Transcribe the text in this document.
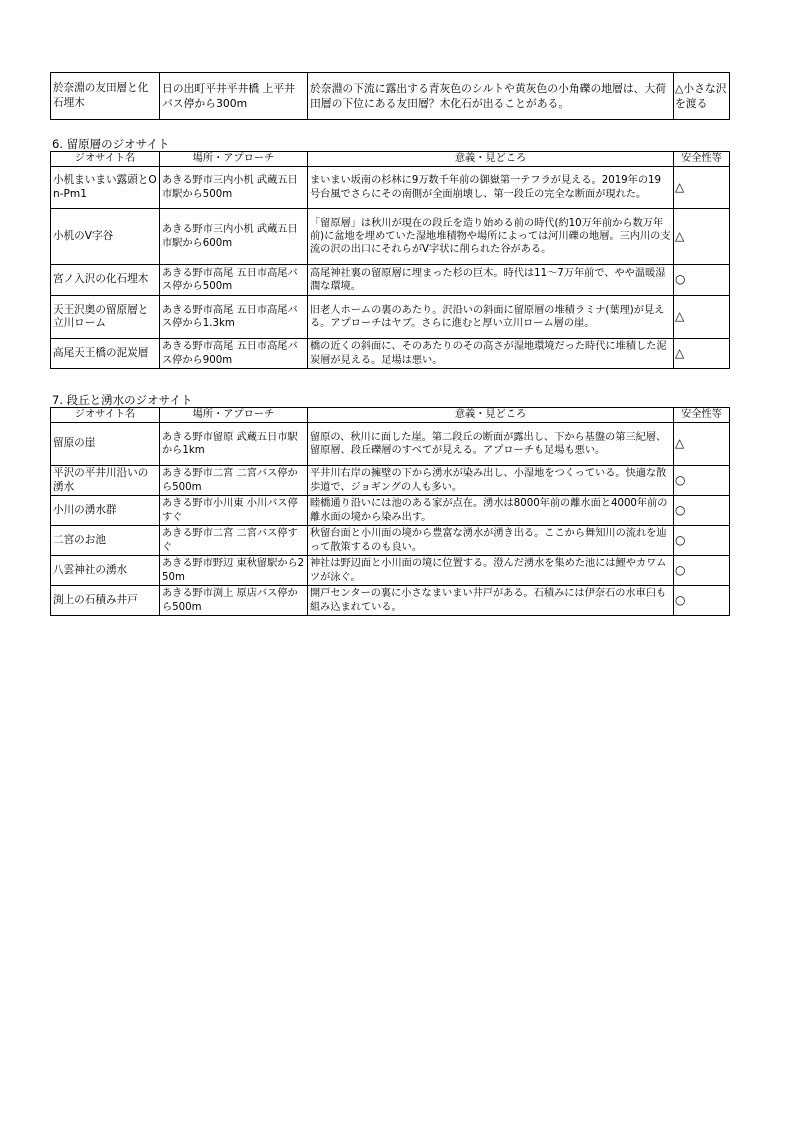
於奈淵の友田層と化石埋木	日の出町平井平井橋 上平井バス停から300m	於奈淵の下流に露出する青灰色のシルトや黄灰色の小角礫の地層は、大荷田層の下位にある友田層？木化石が出ることがある。	△小さな沢を渡る
6. 留原層のジオサイト
ジオサイト名	場所・アプローチ	意義・見どころ	安全性等
小机まいまい露頭とOn-Pm1	あきる野市三内小机 武蔵五日市駅から500m	まいまい坂南の杉林に9万数千年前の御嶽第一テフラが見える。2019年の19号台風でさらにその南側が全面崩壊し、第一段丘の完全な断面が現れた。	△
小机のV字谷	あきる野市三内小机 武蔵五日市駅から600m	「留原層」は秋川が現在の段丘を造り始める前の時代(約10万年前から数万年前)に盆地を埋めていた湿地堆積物や場所によっては河川礫の地層。三内川の支流の沢の出口にそれらがV字状に削られた谷がある。	△
宮ノ入沢の化石埋木	あきる野市高尾 五日市高尾バス停から500m	高尾神社裏の留原層に埋まった杉の巨木。時代は11～7万年前で、やや温暖湿潤な環境。	○
天王沢奥の留原層と立川ローム	あきる野市高尾 五日市高尾バス停から1.3km	旧老人ホームの裏のあたり。沢沿いの斜面に留原層の堆積ラミナ(葉理)が見える。アプローチはヤブ。さらに進むと厚い立川ローム層の崖。	△
高尾天王橋の泥炭層	あきる野市高尾 五日市高尾バス停から900m	橋の近くの斜面に、そのあたりのその高さが湿地環境だった時代に堆積した泥炭層が見える。足場は悪い。	△
7. 段丘と湧水のジオサイト
ジオサイト名	場所・アプローチ	意義・見どころ	安全性等
留原の崖	あきる野市留原 武蔵五日市駅から1km	留原の、秋川に面した崖。第二段丘の断面が露出し、下から基盤の第三紀層、留原層、段丘礫層のすべてが見える。アプローチも足場も悪い。	△
平沢の平井川沿いの湧水	あきる野市二宮 二宮バス停から500m	平井川右岸の擁壁の下から湧水が染み出し、小湿地をつくっている。快適な散歩道で、ジョギングの人も多い。	○
小川の湧水群	あきる野市小川東 小川バス停すぐ	睦橋通り沿いには池のある家が点在。湧水は8000年前の離水面と4000年前の離水面の境から染み出す。	○
二宮のお池	あきる野市二宮 二宮バス停すぐ	秋留台面と小川面の境から豊富な湧水が湧き出る。ここから舞知川の流れを辿って散策するのも良い。	○
八雲神社の湧水	あきる野市野辺 東秋留駅から250m	神社は野辺面と小川面の境に位置する。澄んだ湧水を集めた池には鯉やカワムツが泳ぐ。	○
渕上の石積み井戸	あきる野市渕上 原店バス停から500m	開戸センターの裏に小さなまいまい井戸がある。石積みには伊奈石の水車臼も組み込まれている。	○
